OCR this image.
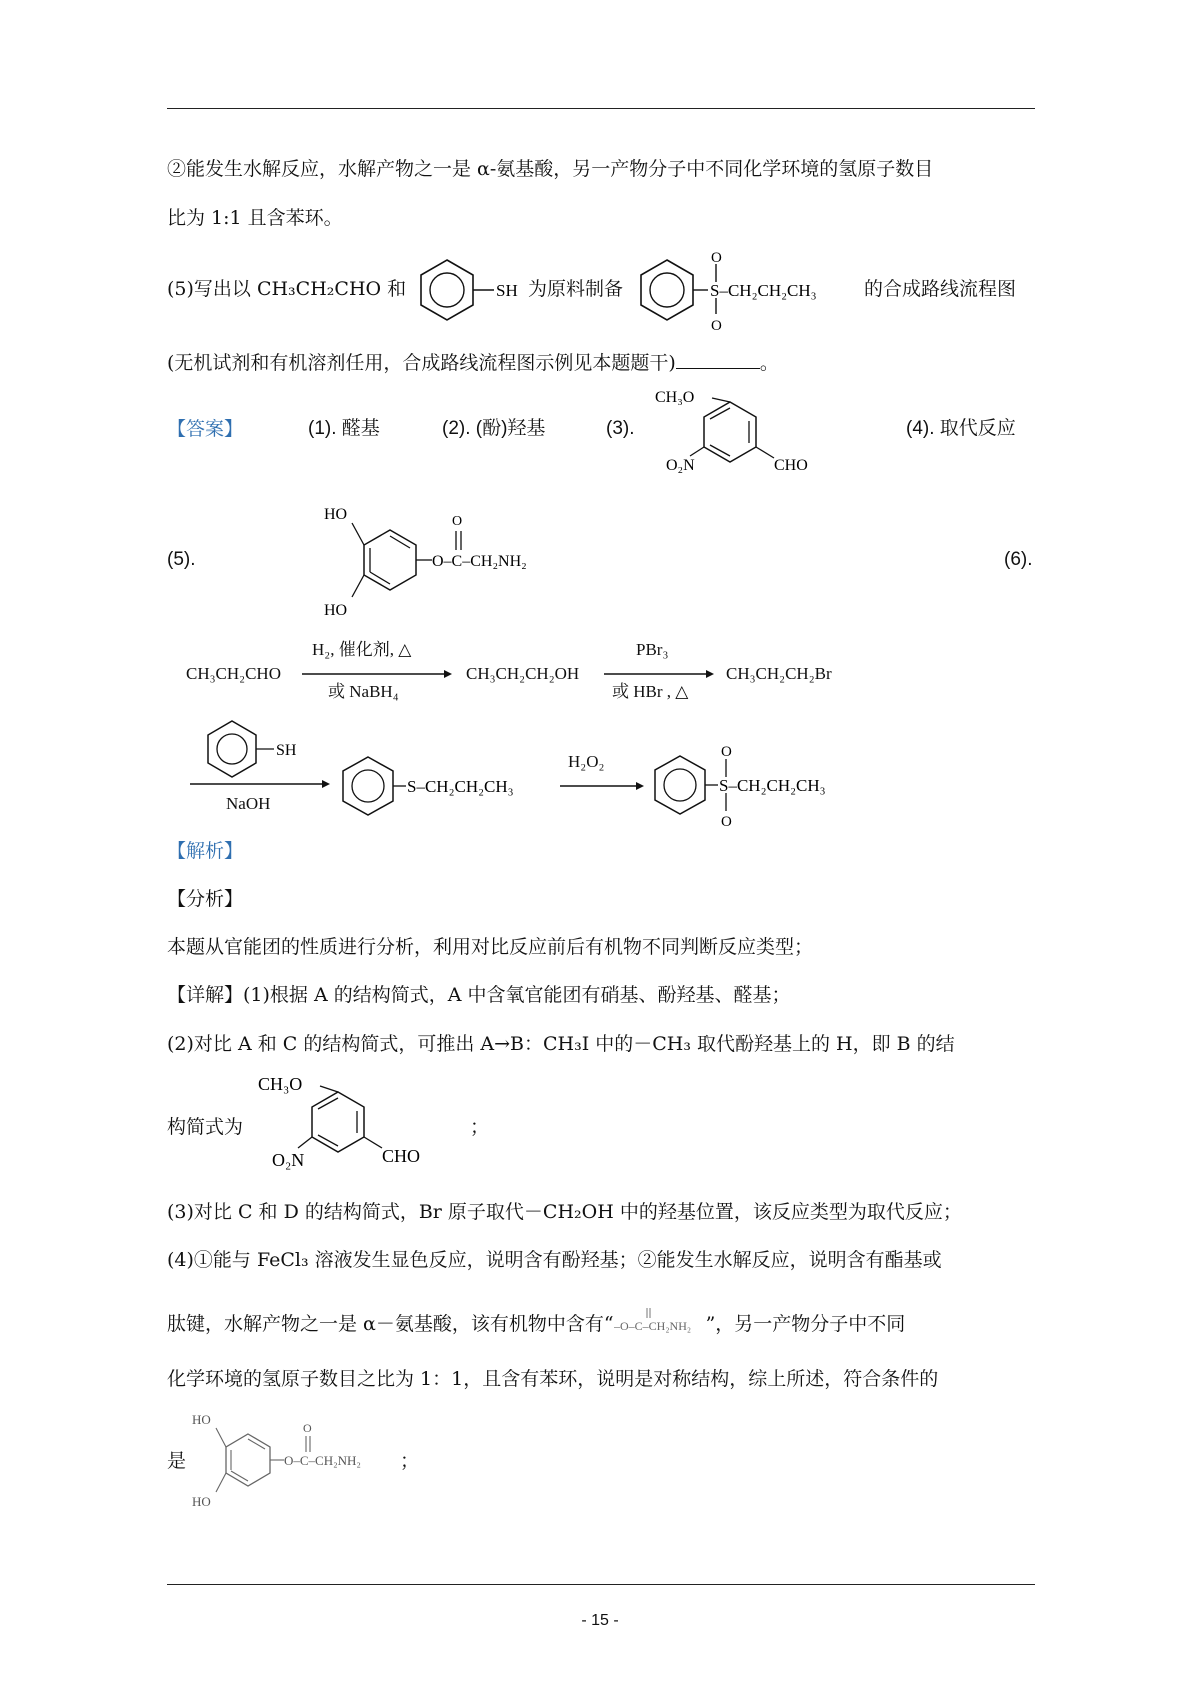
②能发生水解反应，水解产物之一是 α-氨基酸，另一产物分子中不同化学环境的氢原子数目
比为 1:1 且含苯环。
(5)写出以 CH₃CH₂CHO 和	SH 为原料制备
O
O
S–CH₂CH₂CH₃ 的合成路线流程图
(无机试剂和有机溶剂任用，合成路线流程图示例见本题题干)	。
【答案】	(1). 醛基	(2). (酚)羟基	(3).
CH₃O
O₂N	CHO
(4). 取代反应
(5).
HO
HO
O
O–C–CH₂NH₂	(6).
CH₃CH₂CHO
H₂, 催化剂, △
或 NaBH₄
CH₃CH₂CH₂OH
PBr₃
或 HBr , △
CH₃CH₂CH₂Br
SH
NaOH
S–CH₂CH₂CH₃
H₂O₂	O
O
S–CH₂CH₂CH₃
【解析】
【分析】
本题从官能团的性质进行分析，利用对比反应前后有机物不同判断反应类型；
【详解】(1)根据 A 的结构简式，A 中含氧官能团有硝基、酚羟基、醛基；
(2)对比 A 和 C 的结构简式，可推出 A→B：CH₃I 中的－CH₃ 取代酚羟基上的 H，即 B 的结
构简式为
CH₃O
O₂N	CHO
；
(3)对比 C 和 D 的结构简式，Br 原子取代－CH₂OH 中的羟基位置，该反应类型为取代反应；
(4)①能与 FeCl₃ 溶液发生显色反应，说明含有酚羟基；②能发生水解反应，说明含有酯基或
肽键，水解产物之一是 α－氨基酸，该有机物中含有“ –O–C–CH₂NH₂ ”，另一产物分子中不同
化学环境的氢原子数目之比为 1：1，且含有苯环，说明是对称结构，综上所述，符合条件的
是
HO
HO
O
O–C–CH₂NH₂ ；
- 15 -
